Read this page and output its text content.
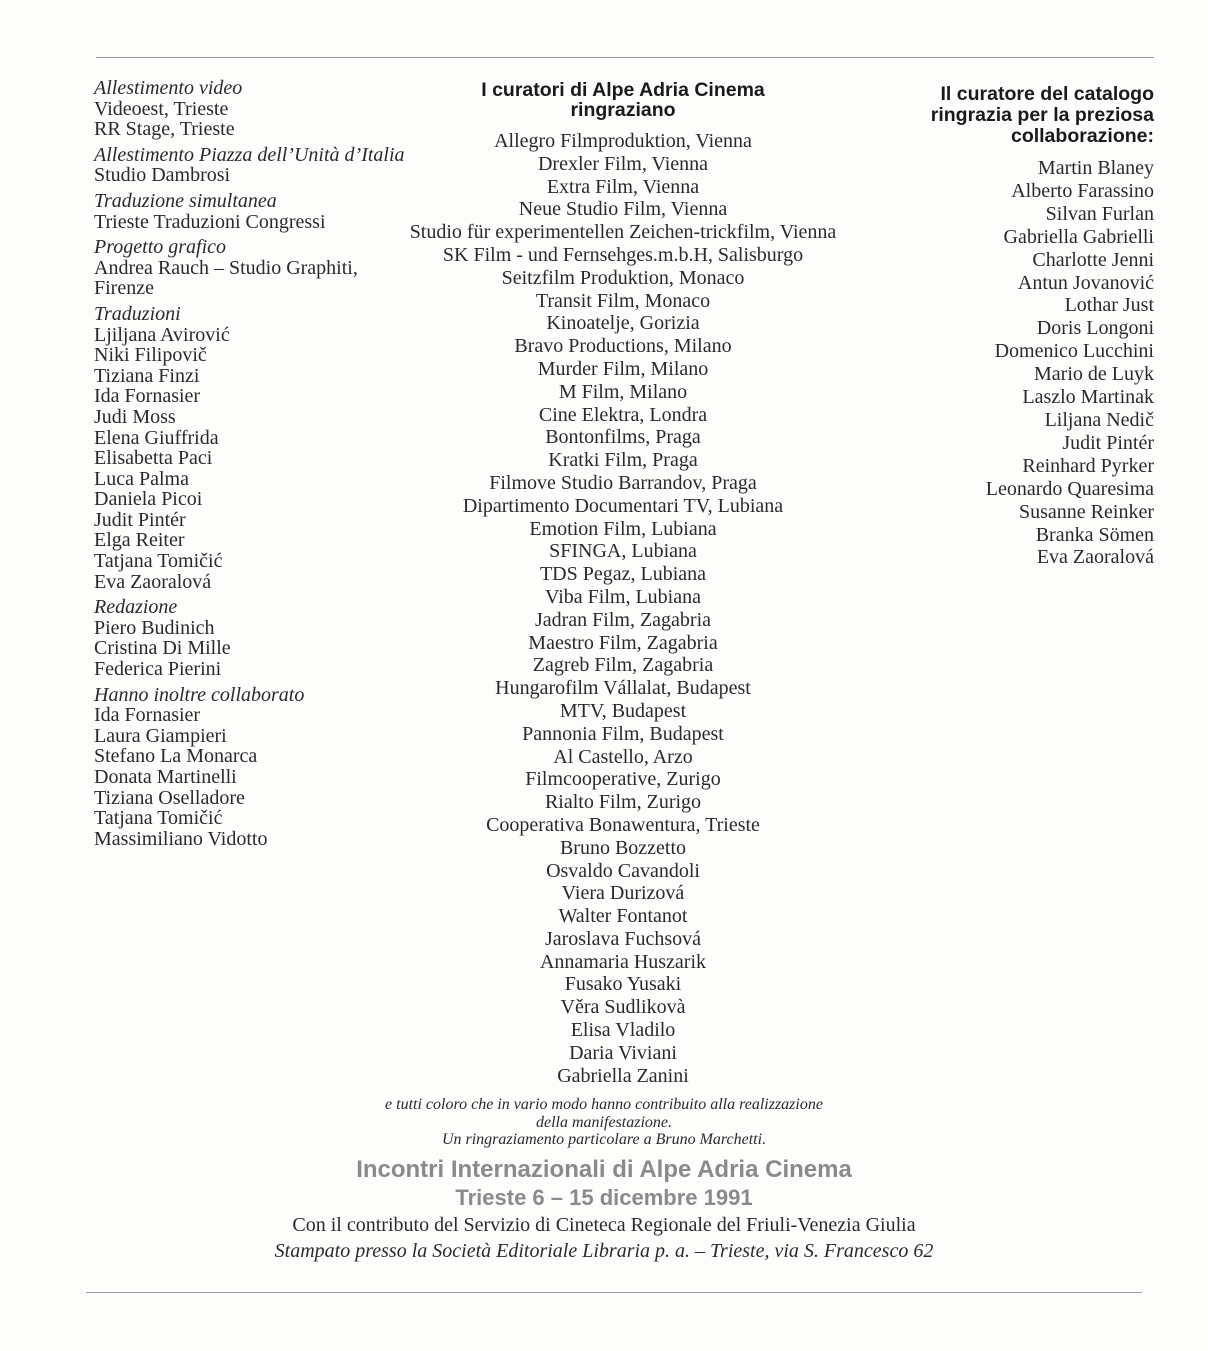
Allestimento video
Videoest, Trieste
RR Stage, Trieste
Allestimento Piazza dell’Unità d’Italia
Studio Dambrosi
Traduzione simultanea
Trieste Traduzioni Congressi
Progetto grafico
Andrea Rauch – Studio Graphiti,
Firenze
Traduzioni
Ljiljana Avirović
Niki Filipovič
Tiziana Finzi
Ida Fornasier
Judi Moss
Elena Giuffrida
Elisabetta Paci
Luca Palma
Daniela Picoi
Judit Pintér
Elga Reiter
Tatjana Tomičić
Eva Zaoralová
Redazione
Piero Budinich
Cristina Di Mille
Federica Pierini
Hanno inoltre collaborato
Ida Fornasier
Laura Giampieri
Stefano La Monarca
Donata Martinelli
Tiziana Oselladore
Tatjana Tomičić
Massimiliano Vidotto
I curatori di Alpe Adria Cinema
ringraziano
Allegro Filmproduktion, Vienna
Drexler Film, Vienna
Extra Film, Vienna
Neue Studio Film, Vienna
Studio für experimentellen Zeichen-trickfilm, Vienna
SK Film - und Fernsehges.m.b.H, Salisburgo
Seitzfilm Produktion, Monaco
Transit Film, Monaco
Kinoatelje, Gorizia
Bravo Productions, Milano
Murder Film, Milano
M Film, Milano
Cine Elektra, Londra
Bontonfilms, Praga
Kratki Film, Praga
Filmove Studio Barrandov, Praga
Dipartimento Documentari TV, Lubiana
Emotion Film, Lubiana
SFINGA, Lubiana
TDS Pegaz, Lubiana
Viba Film, Lubiana
Jadran Film, Zagabria
Maestro Film, Zagabria
Zagreb Film, Zagabria
Hungarofilm Vállalat, Budapest
MTV, Budapest
Pannonia Film, Budapest
Al Castello, Arzo
Filmcooperative, Zurigo
Rialto Film, Zurigo
Cooperativa Bonawentura, Trieste
Bruno Bozzetto
Osvaldo Cavandoli
Viera Durizová
Walter Fontanot
Jaroslava Fuchsová
Annamaria Huszarik
Fusako Yusaki
Věra Sudlikovà
Elisa Vladilo
Daria Viviani
Gabriella Zanini
Il curatore del catalogo
ringrazia per la preziosa
collaborazione:
Martin Blaney
Alberto Farassino
Silvan Furlan
Gabriella Gabrielli
Charlotte Jenni
Antun Jovanović
Lothar Just
Doris Longoni
Domenico Lucchini
Mario de Luyk
Laszlo Martinak
Liljana Nedič
Judit Pintér
Reinhard Pyrker
Leonardo Quaresima
Susanne Reinker
Branka Sömen
Eva Zaoralová
e tutti coloro che in vario modo hanno contribuito alla realizzazione
della manifestazione.
Un ringraziamento particolare a Bruno Marchetti.
Incontri Internazionali di Alpe Adria Cinema
Trieste 6 – 15 dicembre 1991
Con il contributo del Servizio di Cineteca Regionale del Friuli-Venezia Giulia
Stampato presso la Società Editoriale Libraria p. a. – Trieste, via S. Francesco 62
